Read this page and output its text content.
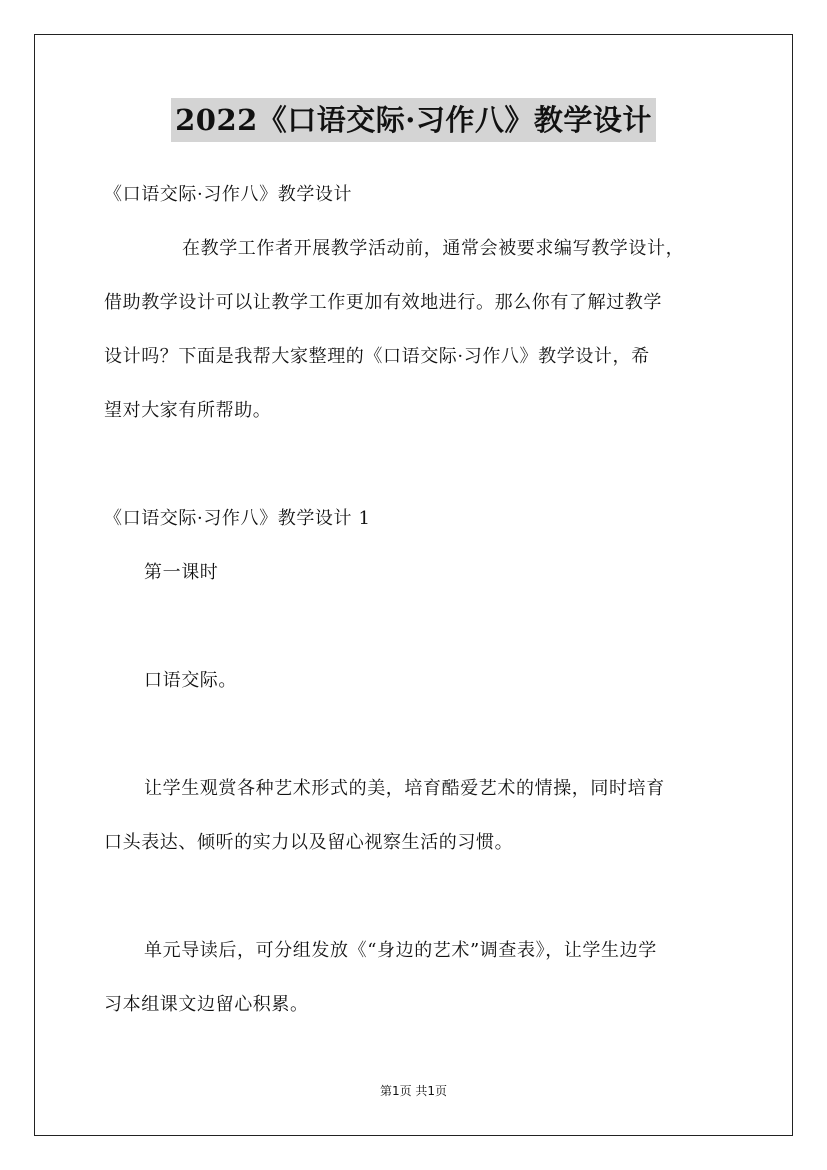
2022《口语交际·习作八》教学设计
《口语交际·习作八》教学设计
在教学工作者开展教学活动前，通常会被要求编写教学设计，
借助教学设计可以让教学工作更加有效地进行。那么你有了解过教学
设计吗？下面是我帮大家整理的《口语交际·习作八》教学设计，希
望对大家有所帮助。
《口语交际·习作八》教学设计 1
第一课时
口语交际。
让学生观赏各种艺术形式的美，培育酷爱艺术的情操，同时培育
口头表达、倾听的实力以及留心视察生活的习惯。
单元导读后，可分组发放《“身边的艺术”调查表》，让学生边学
习本组课文边留心积累。
第1页 共1页
